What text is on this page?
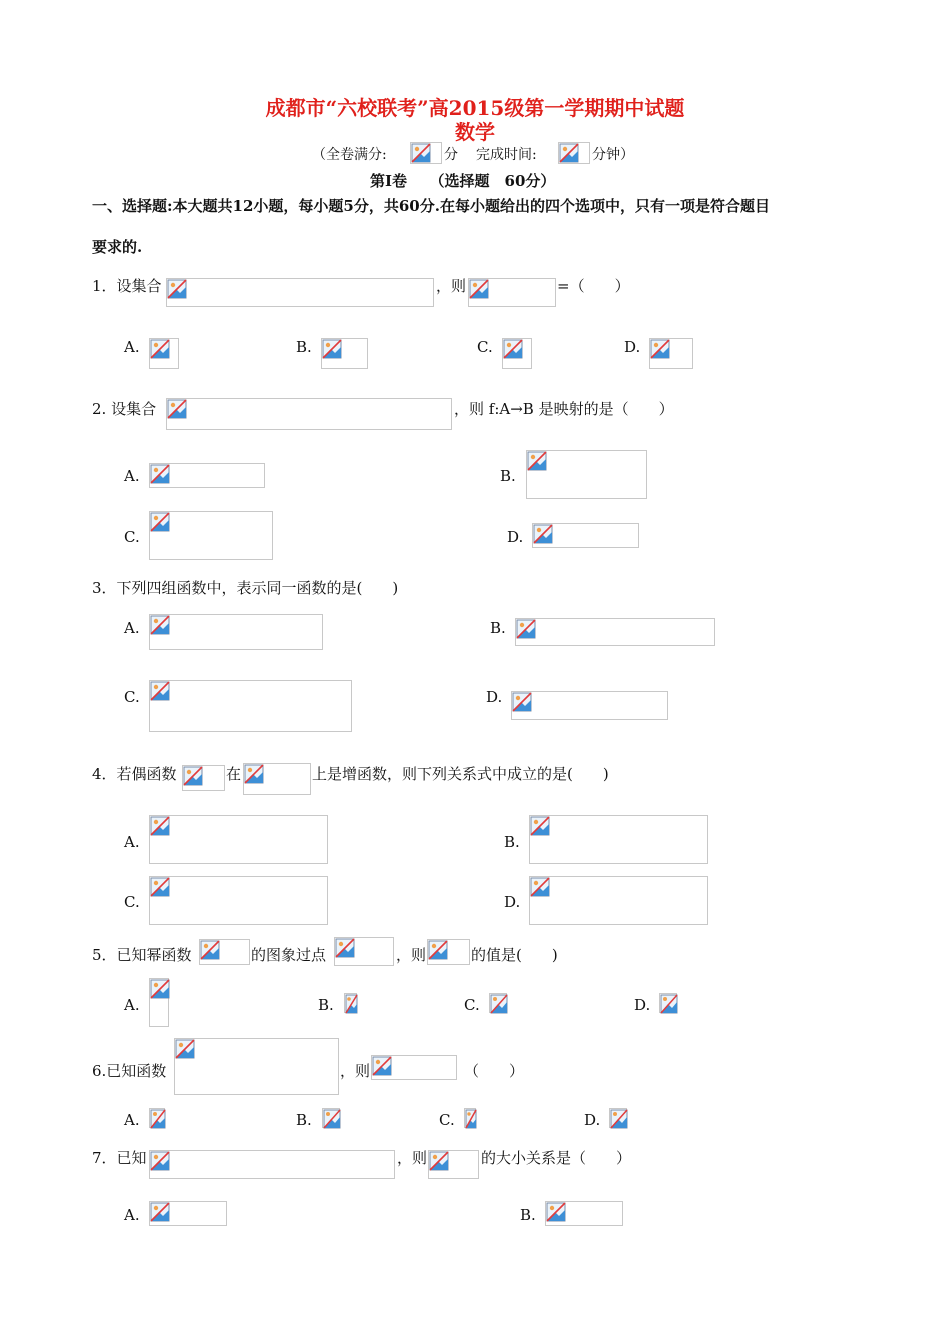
成都市“六校联考”高2015级第一学期期中试题
数学
（全卷满分:	分 完成时间:	分钟）
第Ⅰ卷　　（选择题　60分）
一、选择题:本大题共12小题，每小题5分，共60分.在每小题给出的四个选项中，只有一项是符合题目
要求的.
1．设集合	，则	=（　　）
A.	B.	C.	D.
2. 设集合	，则 f:A→B 是映射的是（　　）
A.	B.
C.	D.
3．下列四组函数中，表示同一函数的是(　　)
A.	B.
C.	D.
4．若偶函数	在	上是增函数，则下列关系式中成立的是(　　)
A.	B.
C.	D.
5．已知幂函数	的图象过点	，则	的值是(　　)
A.	B.	C.	D.
6.已知函数	，则	（　　）
A.	B.	C.	D.
7．已知	，则	的大小关系是（　　）
A.	B.
